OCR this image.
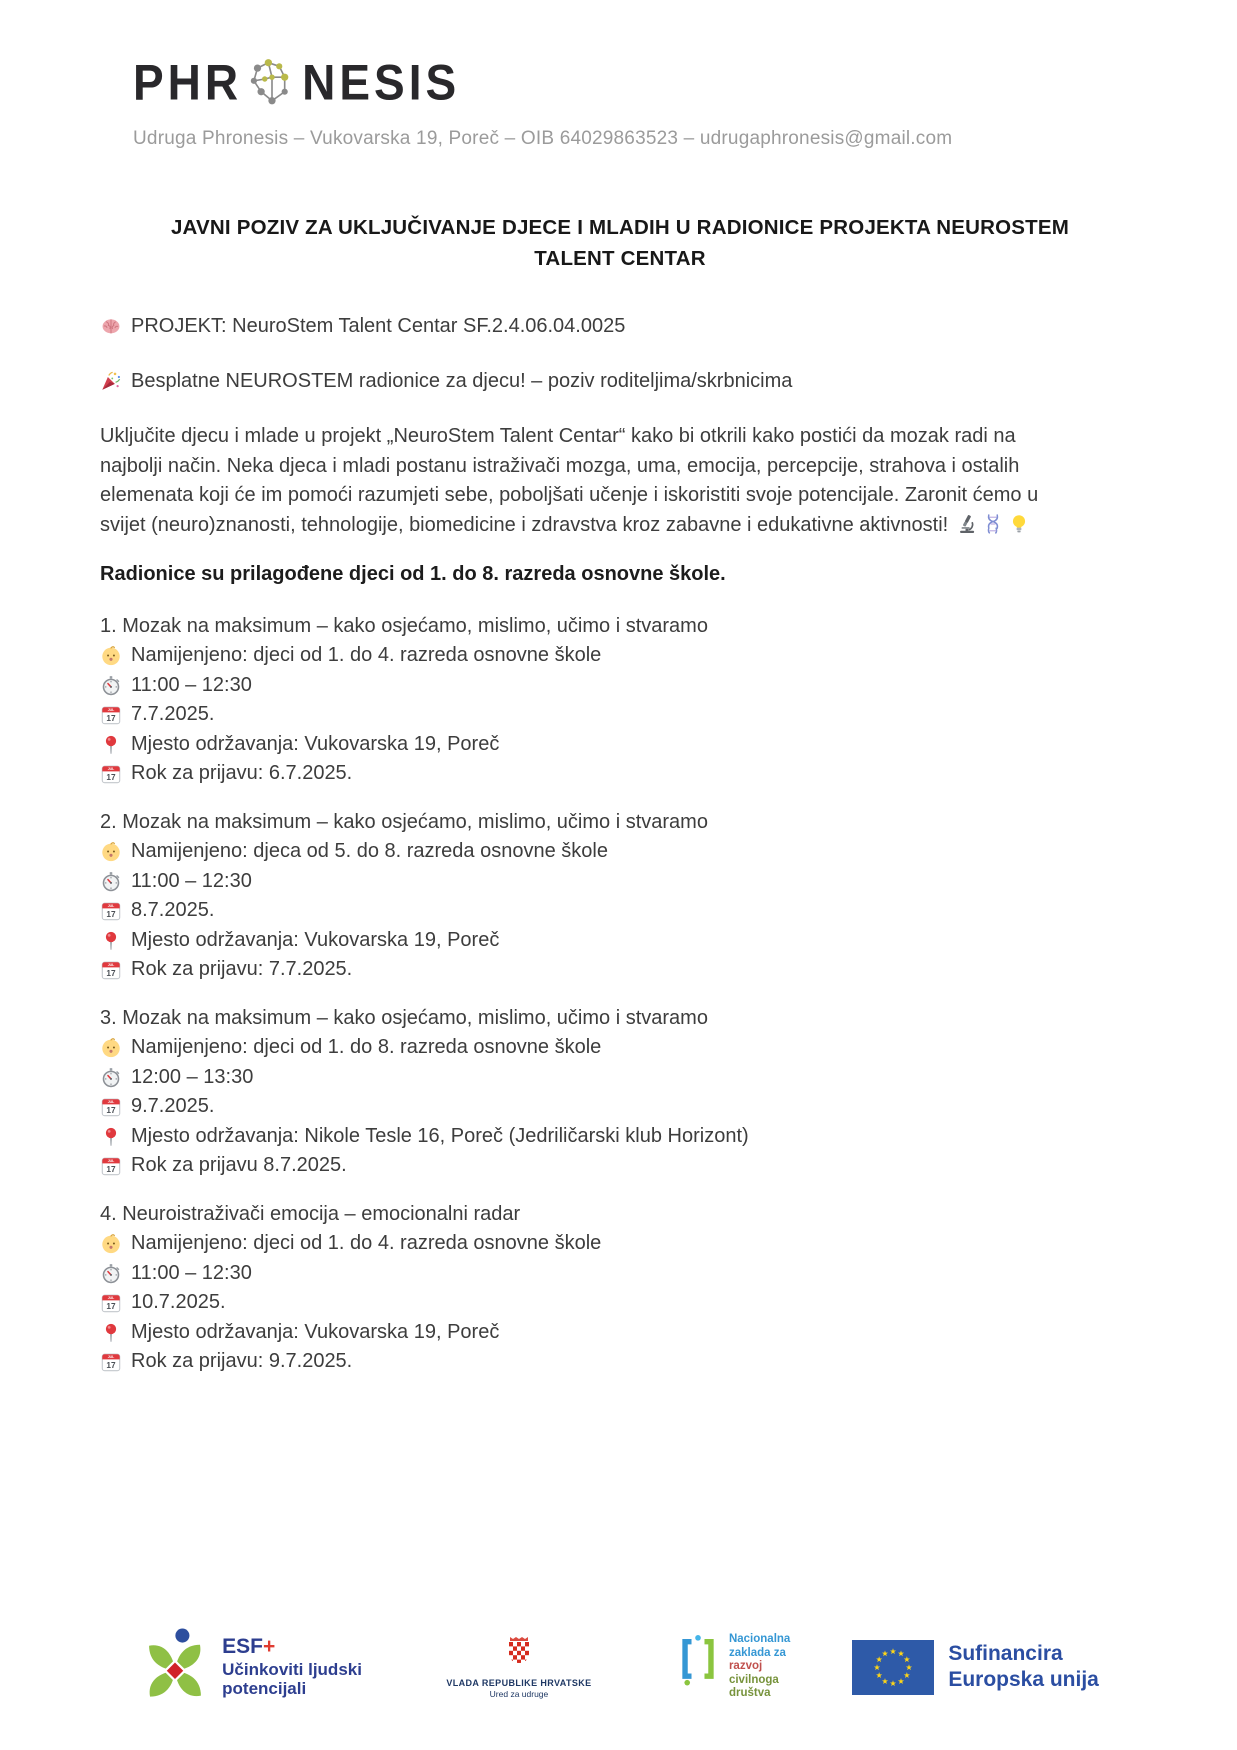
PHR NESIS
Udruga Phronesis – Vukovarska 19, Poreč – OIB 64029863523 – udrugaphronesis@gmail.com
JAVNI POZIV ZA UKLJUČIVANJE DJECE I MLADIH U RADIONICE PROJEKTA NEUROSTEM
TALENT CENTAR
PROJEKT: NeuroStem Talent Centar SF.2.4.06.04.0025
Besplatne NEUROSTEM radionice za djecu! – poziv roditeljima/skrbnicima

Uključite djecu i mlade u projekt „NeuroStem Talent Centar“ kako bi otkrili kako postići da mozak radi na najbolji način. Neka djeca i mladi postanu istraživači mozga, uma, emocija, percepcije, strahova i ostalih elemenata koji će im pomoći razumjeti sebe, poboljšati učenje i iskoristiti svoje potencijale. Zaronit ćemo u svijet (neuro)znanosti, tehnologije, biomedicine i zdravstva kroz zabavne i edukativne aktivnosti!

Radionice su prilagođene djeci od 1. do 8. razreda osnovne škole.

1. Mozak na maksimum – kako osjećamo, mislimo, učimo i stvaramo
Namijenjeno: djeci od 1. do 4. razreda osnovne škole
11:00 – 12:30
7.7.2025.
Mjesto održavanja: Vukovarska 19, Poreč
Rok za prijavu: 6.7.2025.
2. Mozak na maksimum – kako osjećamo, mislimo, učimo i stvaramo
Namijenjeno: djeca od 5. do 8. razreda osnovne škole
11:00 – 12:30
8.7.2025.
Mjesto održavanja: Vukovarska 19, Poreč
Rok za prijavu: 7.7.2025.
3. Mozak na maksimum – kako osjećamo, mislimo, učimo i stvaramo
Namijenjeno: djeci od 1. do 8. razreda osnovne škole
12:00 – 13:30
9.7.2025.
Mjesto održavanja: Nikole Tesle 16, Poreč (Jedriličarski klub Horizont)
Rok za prijavu 8.7.2025.
4. Neuroistraživači emocija – emocionalni radar
Namijenjeno: djeci od 1. do 4. razreda osnovne škole
11:00 – 12:30
10.7.2025.
Mjesto održavanja: Vukovarska 19, Poreč
Rok za prijavu: 9.7.2025.
ESF+
Učinkoviti ljudski
potencijali	VLADA REPUBLIKE HRVATSKE
Ured za udruge
Nacionalna
zaklada za
razvoj
civilnoga
društva
Sufinancira
Europska unija
